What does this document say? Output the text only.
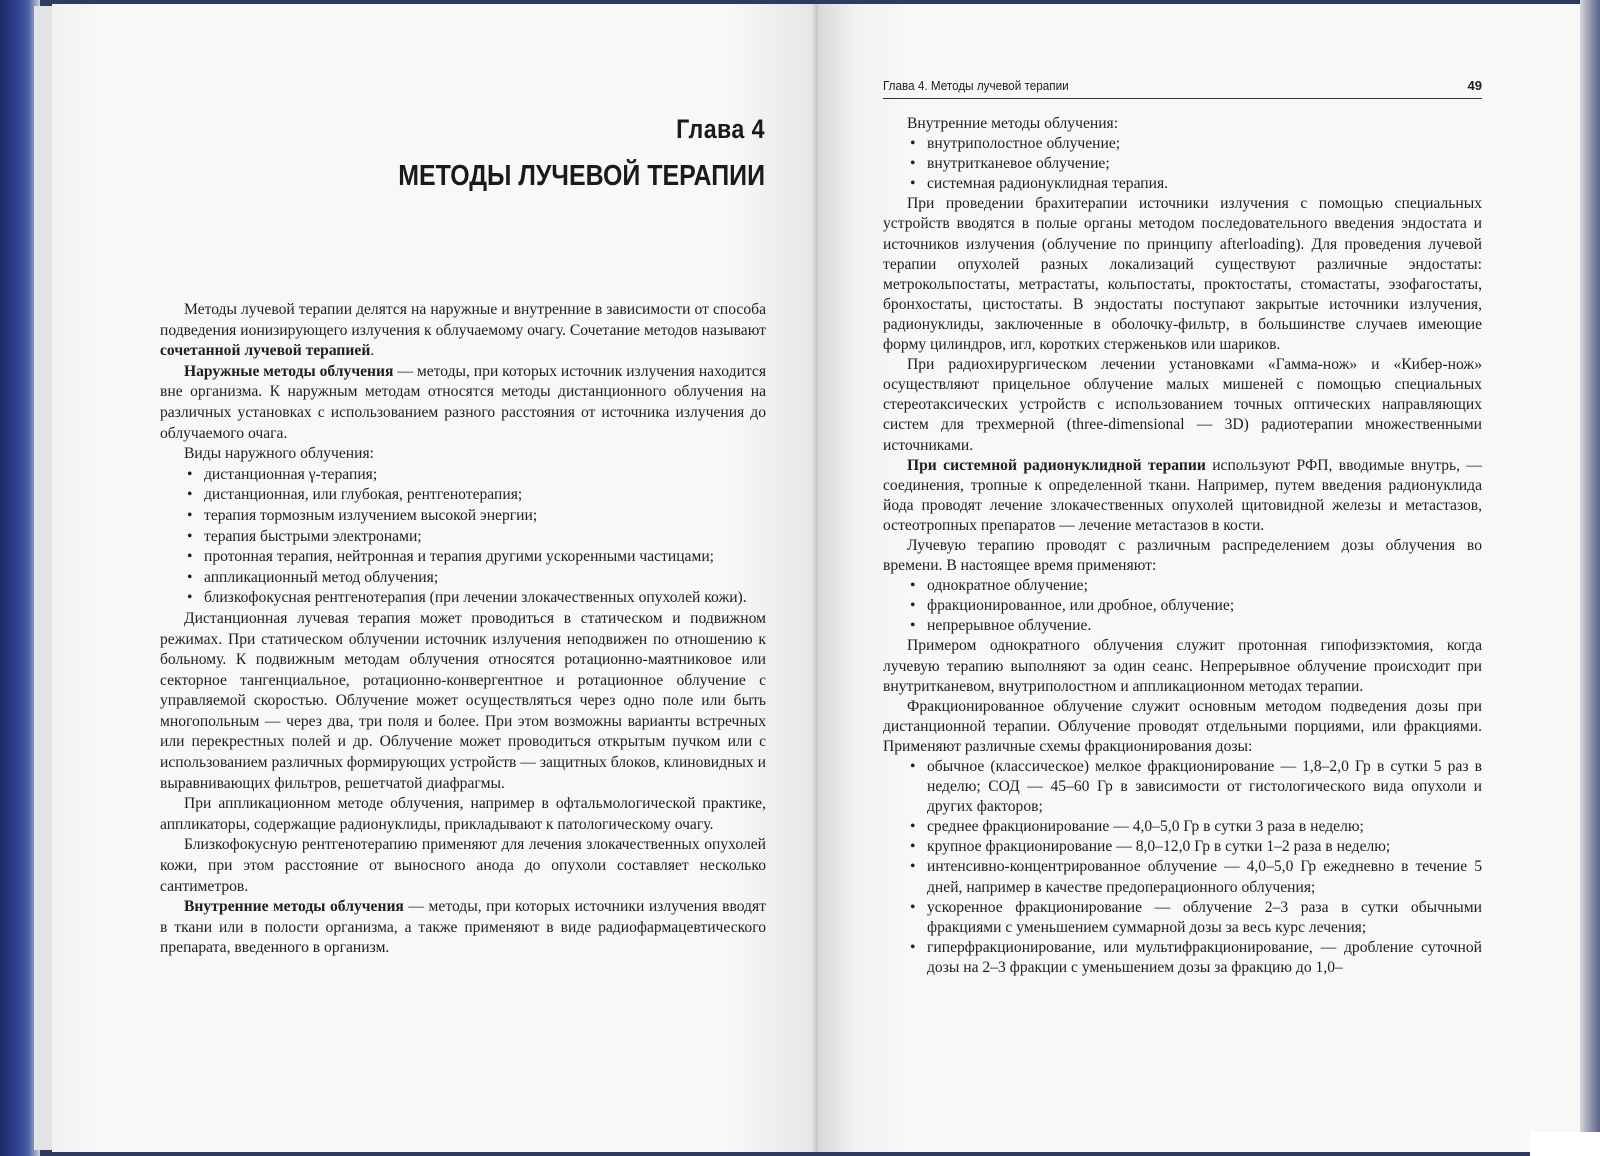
Глава 4
МЕТОДЫ ЛУЧЕВОЙ ТЕРАПИИ

Методы лучевой терапии делятся на наружные и внутренние в зависимости от способа подведения ионизирующего излучения к облучаемому очагу. Сочетание методов называют сочетанной лучевой терапией.

Наружные методы облучения — методы, при которых источник излучения находится вне организма. К наружным методам относятся методы дистанционного облучения на различных установках с использованием разного расстояния от источника излучения до облучаемого очага.

Виды наружного облучения:

• дистанционная γ-терапия;
• дистанционная, или глубокая, рентгенотерапия;
• терапия тормозным излучением высокой энергии;
• терапия быстрыми электронами;
• протонная терапия, нейтронная и терапия другими ускоренными частицами;
• аппликационный метод облучения;
• близкофокусная рентгенотерапия (при лечении злокачественных опухолей кожи).

Дистанционная лучевая терапия может проводиться в статическом и подвижном режимах. При статическом облучении источник излучения неподвижен по отношению к больному. К подвижным методам облучения относятся ротационно-маятниковое или секторное тангенциальное, ротационно-конвергентное и ротационное облучение с управляемой скоростью. Облучение может осуществляться через одно поле или быть многопольным — через два, три поля и более. При этом возможны варианты встречных или перекрестных полей и др. Облучение может проводиться открытым пучком или с использованием различных формирующих устройств — защитных блоков, клиновидных и выравнивающих фильтров, решетчатой диафрагмы.

При аппликационном методе облучения, например в офтальмологической практике, аппликаторы, содержащие радионуклиды, прикладывают к патологическому очагу.

Близкофокусную рентгенотерапию применяют для лечения злокачественных опухолей кожи, при этом расстояние от выносного анода до опухоли составляет несколько сантиметров.

Внутренние методы облучения — методы, при которых источники излучения вводят в ткани или в полости организма, а также применяют в виде радиофармацевтического препарата, введенного в организм.

Глава 4. Методы лучевой терапии	49

Внутренние методы облучения:

• внутриполостное облучение;
• внутритканевое облучение;
• системная радионуклидная терапия.

При проведении брахитерапии источники излучения с помощью специальных устройств вводятся в полые органы методом последовательного введения эндостата и источников излучения (облучение по принципу afterloading). Для проведения лучевой терапии опухолей разных локализаций существуют различные эндостаты: метрокольпостаты, метрастаты, кольпостаты, проктостаты, стомастаты, эзофагостаты, бронхостаты, цистостаты. В эндостаты поступают закрытые источники излучения, радионуклиды, заключенные в оболочку-фильтр, в большинстве случаев имеющие форму цилиндров, игл, коротких стерженьков или шариков.

При радиохирургическом лечении установками «Гамма-нож» и «Кибер-нож» осуществляют прицельное облучение малых мишеней с помощью специальных стереотаксических устройств с использованием точных оптических направляющих систем для трехмерной (three-dimensional — 3D) радиотерапии множественными источниками.

При системной радионуклидной терапии используют РФП, вводимые внутрь, — соединения, тропные к определенной ткани. Например, путем введения радионуклида йода проводят лечение злокачественных опухолей щитовидной железы и метастазов, остеотропных препаратов — лечение метастазов в кости.

Лучевую терапию проводят с различным распределением дозы облучения во времени. В настоящее время применяют:

• однократное облучение;
• фракционированное, или дробное, облучение;
• непрерывное облучение.

Примером однократного облучения служит протонная гипофизэктомия, когда лучевую терапию выполняют за один сеанс. Непрерывное облучение происходит при внутритканевом, внутриполостном и аппликационном методах терапии.

Фракционированное облучение служит основным методом подведения дозы при дистанционной терапии. Облучение проводят отдельными порциями, или фракциями. Применяют различные схемы фракционирования дозы:

• обычное (классическое) мелкое фракционирование — 1,8–2,0 Гр в сутки 5 раз в неделю; СОД — 45–60 Гр в зависимости от гистологического вида опухоли и других факторов;
• среднее фракционирование — 4,0–5,0 Гр в сутки 3 раза в неделю;
• крупное фракционирование — 8,0–12,0 Гр в сутки 1–2 раза в неделю;
• интенсивно-концентрированное облучение — 4,0–5,0 Гр ежедневно в течение 5 дней, например в качестве предоперационного облучения;
• ускоренное фракционирование — облучение 2–3 раза в сутки обычными фракциями с уменьшением суммарной дозы за весь курс лечения;
• гиперфракционирование, или мультифракционирование, — дробление суточной дозы на 2–3 фракции с уменьшением дозы за фракцию до 1,0–
